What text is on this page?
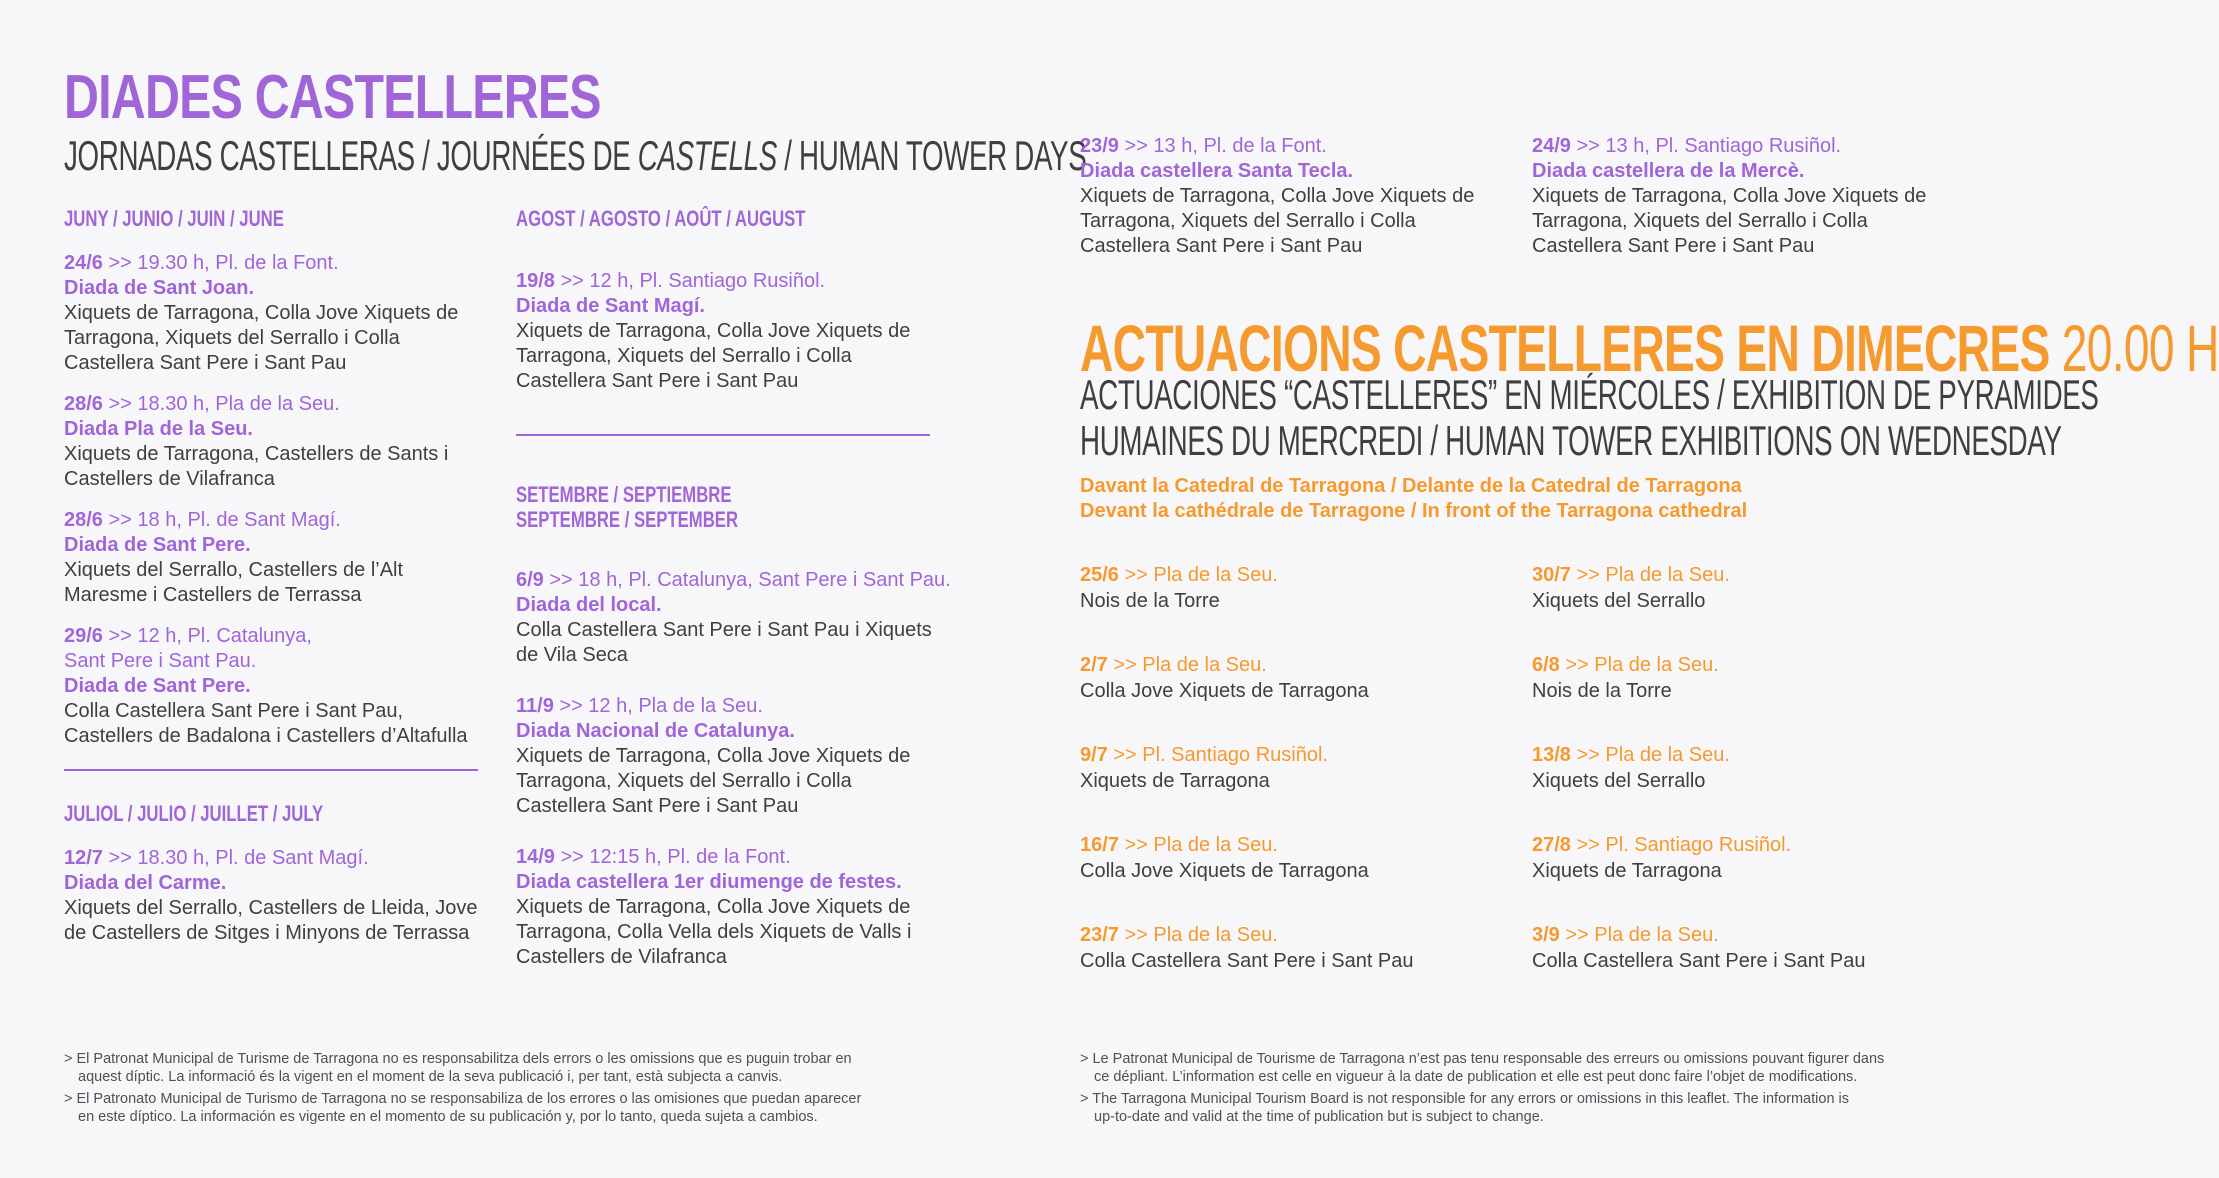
DIADES CASTELLERES
JORNADAS CASTELLERAS / JOURNÉES DE CASTELLS / HUMAN TOWER DAYS
JUNY / JUNIO / JUIN / JUNE
24/6 >> 19.30 h, Pl. de la Font.
Diada de Sant Joan.
Xiquets de Tarragona, Colla Jove Xiquets de Tarragona, Xiquets del Serrallo i Colla Castellera Sant Pere i Sant Pau
28/6 >> 18.30 h, Pla de la Seu.
Diada Pla de la Seu.
Xiquets de Tarragona, Castellers de Sants i Castellers de Vilafranca
28/6 >> 18 h, Pl. de Sant Magí.
Diada de Sant Pere.
Xiquets del Serrallo, Castellers de l’Alt Maresme i Castellers de Terrassa
29/6 >> 12 h, Pl. Catalunya, Sant Pere i Sant Pau.
Diada de Sant Pere.
Colla Castellera Sant Pere i Sant Pau, Castellers de Badalona i Castellers d’Altafulla
JULIOL / JULIO / JUILLET / JULY
12/7 >> 18.30 h, Pl. de Sant Magí.
Diada del Carme.
Xiquets del Serrallo, Castellers de Lleida, Jove de Castellers de Sitges i Minyons de Terrassa
AGOST / AGOSTO / AOÛT / AUGUST
19/8 >> 12 h, Pl. Santiago Rusiñol.
Diada de Sant Magí.
Xiquets de Tarragona, Colla Jove Xiquets de Tarragona, Xiquets del Serrallo i Colla Castellera Sant Pere i Sant Pau
SETEMBRE / SEPTIEMBRE
SEPTEMBRE / SEPTEMBER
6/9 >> 18 h, Pl. Catalunya, Sant Pere i Sant Pau.
Diada del local.
Colla Castellera Sant Pere i Sant Pau i Xiquets de Vila Seca
11/9 >> 12 h, Pla de la Seu.
Diada Nacional de Catalunya.
Xiquets de Tarragona, Colla Jove Xiquets de Tarragona, Xiquets del Serrallo i Colla Castellera Sant Pere i Sant Pau
14/9 >> 12:15 h, Pl. de la Font.
Diada castellera 1er diumenge de festes.
Xiquets de Tarragona, Colla Jove Xiquets de Tarragona, Colla Vella dels Xiquets de Valls i Castellers de Vilafranca
23/9 >> 13 h, Pl. de la Font.
Diada castellera Santa Tecla.
Xiquets de Tarragona, Colla Jove Xiquets de Tarragona, Xiquets del Serrallo i Colla Castellera Sant Pere i Sant Pau
24/9 >> 13 h, Pl. Santiago Rusiñol.
Diada castellera de la Mercè.
Xiquets de Tarragona, Colla Jove Xiquets de Tarragona, Xiquets del Serrallo i Colla Castellera Sant Pere i Sant Pau
ACTUACIONS CASTELLERES EN DIMECRES 20.00 H
ACTUACIONES “CASTELLERES” EN MIÉRCOLES / EXHIBITION DE PYRAMIDES
HUMAINES DU MERCREDI / HUMAN TOWER EXHIBITIONS ON WEDNESDAY
Davant la Catedral de Tarragona / Delante de la Catedral de Tarragona
Devant la cathédrale de Tarragone / In front of the Tarragona cathedral
25/6 >> Pla de la Seu.
Nois de la Torre
2/7 >> Pla de la Seu.
Colla Jove Xiquets de Tarragona
9/7 >> Pl. Santiago Rusiñol.
Xiquets de Tarragona
16/7 >> Pla de la Seu.
Colla Jove Xiquets de Tarragona
23/7 >> Pla de la Seu.
Colla Castellera Sant Pere i Sant Pau
30/7 >> Pla de la Seu.
Xiquets del Serrallo
6/8 >> Pla de la Seu.
Nois de la Torre
13/8 >> Pla de la Seu.
Xiquets del Serrallo
27/8 >> Pl. Santiago Rusiñol.
Xiquets de Tarragona
3/9 >> Pla de la Seu.
Colla Castellera Sant Pere i Sant Pau
> El Patronat Municipal de Turisme de Tarragona no es responsabilitza dels errors o les omissions que es puguin trobar en
aquest díptic. La informació és la vigent en el moment de la seva publicació i, per tant, està subjecta a canvis.
> El Patronato Municipal de Turismo de Tarragona no se responsabiliza de los errores o las omisiones que puedan aparecer
en este díptico. La información es vigente en el momento de su publicación y, por lo tanto, queda sujeta a cambios.
> Le Patronat Municipal de Tourisme de Tarragona n’est pas tenu responsable des erreurs ou omissions pouvant figurer dans
ce dépliant. L’information est celle en vigueur à la date de publication et elle est peut donc faire l’objet de modifications.
> The Tarragona Municipal Tourism Board is not responsible for any errors or omissions in this leaflet. The information is
up-to-date and valid at the time of publication but is subject to change.
